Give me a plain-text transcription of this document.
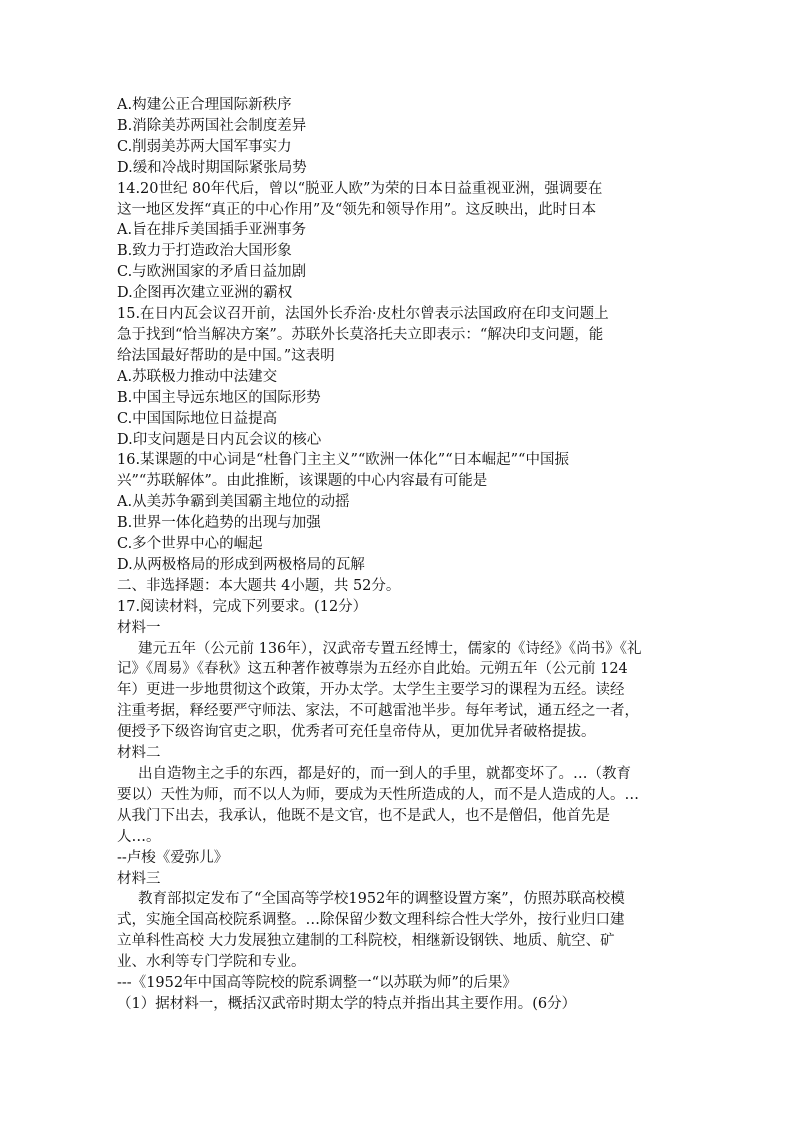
A.构建公正合理国际新秩序
B.消除美苏两国社会制度差异
C.削弱美苏两大国军事实力
D.缓和冷战时期国际紧张局势
14.20世纪 80年代后，曾以“脱亚人欧”为荣的日本日益重视亚洲，强调要在
这一地区发挥“真正的中心作用”及“领先和领导作用”。这反映出，此时日本
A.旨在排斥美国插手亚洲事务
B.致力于打造政治大国形象
C.与欧洲国家的矛盾日益加剧
D.企图再次建立亚洲的霸权
15.在日内瓦会议召开前，法国外长乔治·皮杜尔曾表示法国政府在印支问题上
急于找到“恰当解决方案”。苏联外长莫洛托夫立即表示：“解决印支问题，能
给法国最好帮助的是中国。”这表明
A.苏联极力推动中法建交
B.中国主导远东地区的国际形势
C.中国国际地位日益提高
D.印支问题是日内瓦会议的核心
16.某课题的中心词是“杜鲁门主主义”“欧洲一体化”“日本崛起”“中国振
兴”“苏联解体”。由此推断，该课题的中心内容最有可能是
A.从美苏争霸到美国霸主地位的动摇
B.世界一体化趋势的出现与加强
C.多个世界中心的崛起
D.从两极格局的形成到两极格局的瓦解
二、非选择题：本大题共 4小题，共 52分。
17.阅读材料，完成下列要求。(12分）
材料一
建元五年（公元前 136年），汉武帝专置五经博士，儒家的《诗经》《尚书》《礼
记》《周易》《春秋》这五种著作被尊崇为五经亦自此始。元朔五年（公元前 124
年）更进一步地贯彻这个政策，开办太学。太学生主要学习的课程为五经。读经
注重考据，释经要严守师法、家法，不可越雷池半步。每年考试，通五经之一者，
便授予下级咨询官吏之职，优秀者可充任皇帝侍从，更加优异者破格提拔。
材料二
出自造物主之手的东西，都是好的，而一到人的手里，就都变坏了。…（教育
要以）天性为师，而不以人为师，要成为天性所造成的人，而不是人造成的人。…
从我门下出去，我承认，他既不是文官，也不是武人，也不是僧侣，他首先是
人…。
--卢梭《爱弥儿》
材料三
教育部拟定发布了“全国高等学校1952年的调整设置方案”，仿照苏联高校模
式，实施全国高校院系调整。…除保留少数文理科综合性大学外，按行业归口建
立单科性高校 大力发展独立建制的工科院校，相继新设钢铁、地质、航空、矿
业、水利等专门学院和专业。
---《1952年中国高等院校的院系调整一“以苏联为师”的后果》
（1）据材料一，概括汉武帝时期太学的特点并指出其主要作用。(6分）
